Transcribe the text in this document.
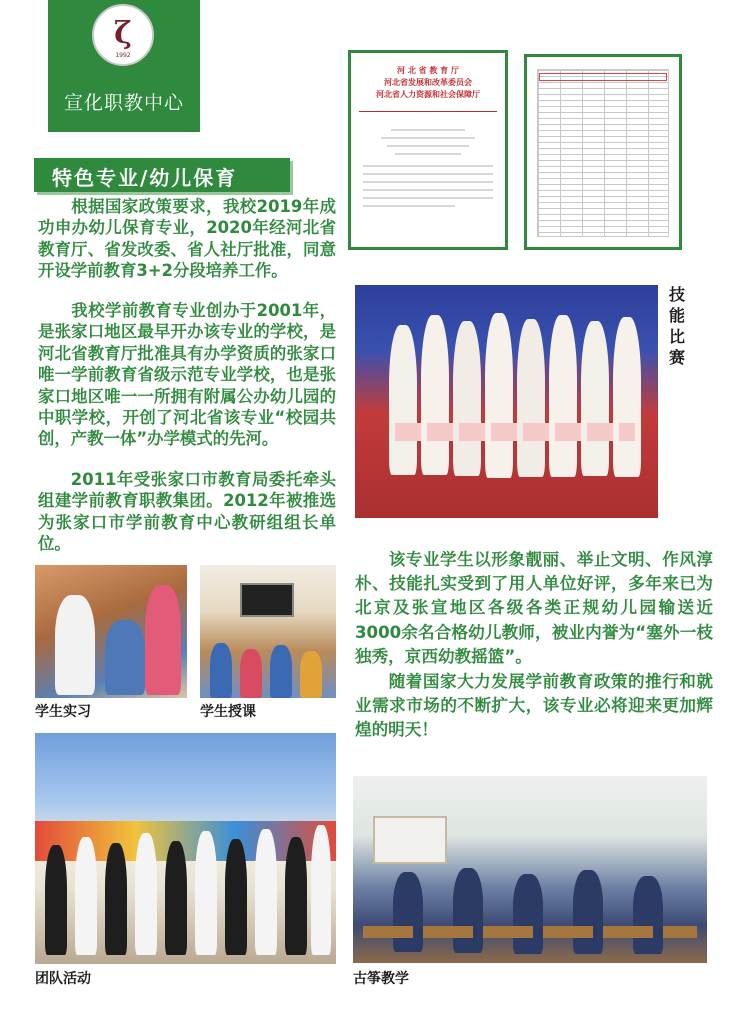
ζ
1992
宣化职教中心
特色专业/幼儿保育

根据国家政策要求，我校2019年成功申办幼儿保育专业，2020年经河北省教育厅、省发改委、省人社厅批准，同意开设学前教育3+2分段培养工作。

我校学前教育专业创办于2001年，是张家口地区最早开办该专业的学校，是河北省教育厅批准具有办学资质的张家口唯一学前教育省级示范专业学校，也是张家口地区唯一一所拥有附属公办幼儿园的中职学校，开创了河北省该专业“校园共创，产教一体”办学模式的先河。

2011年受张家口市教育局委托牵头组建学前教育职教集团。2012年被推选为张家口市学前教育中心教研组组长单位。

河 北 省 教 育 厅
河北省发展和改革委员会
河北省人力资源和社会保障厅
技能比赛
学生实习	学生授课
团队活动

该专业学生以形象靓丽、举止文明、作风淳朴、技能扎实受到了用人单位好评，多年来已为北京及张宣地区各级各类正规幼儿园输送近3000余名合格幼儿教师，被业内誉为“塞外一枝独秀，京西幼教摇篮”。

随着国家大力发展学前教育政策的推行和就业需求市场的不断扩大，该专业必将迎来更加辉煌的明天！

古筝教学
